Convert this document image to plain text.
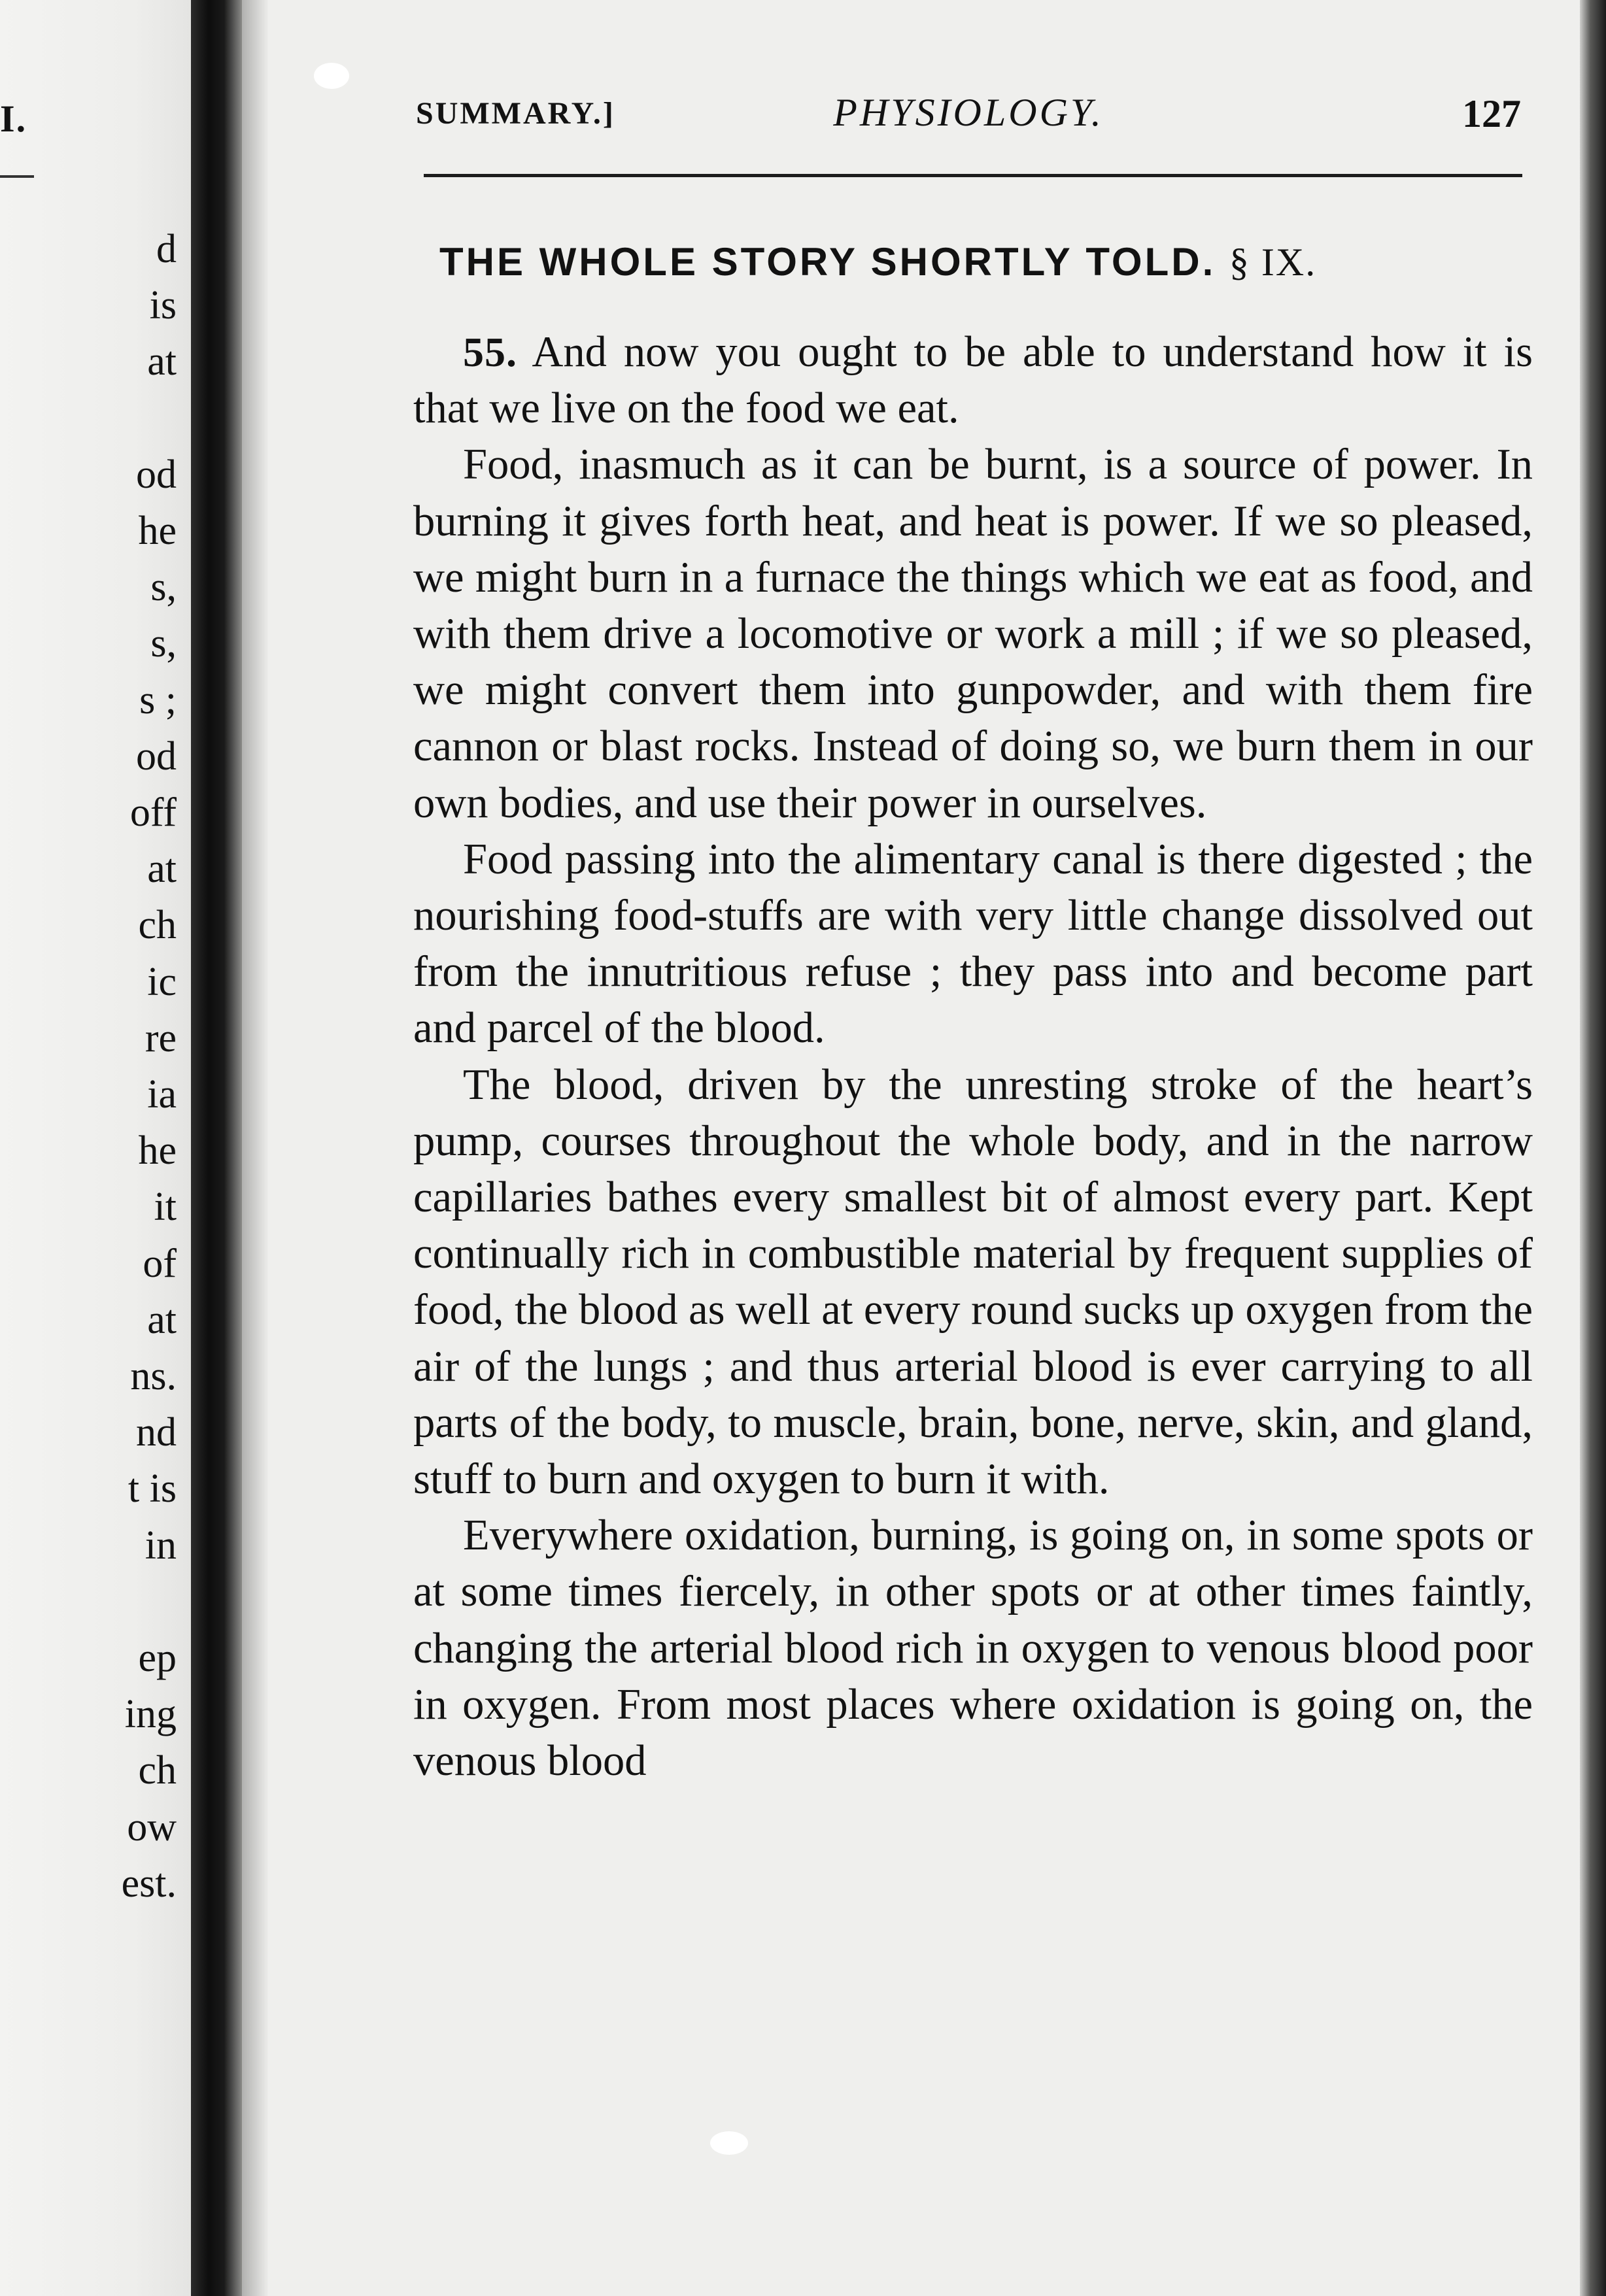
I.
d
is
at
od
he
s,
s,
s ;
od
off
at
ch
ic
re
ia
he
it
of
at
ns.
nd
t is
in
ep
ing
ch
ow
est.
SUMMARY.]	PHYSIOLOGY.	127
THE WHOLE STORY SHORTLY TOLD. § IX.

55. And now you ought to be able to understand how it is that we live on the food we eat.

Food, inasmuch as it can be burnt, is a source of power. In burning it gives forth heat, and heat is power. If we so pleased, we might burn in a furnace the things which we eat as food, and with them drive a locomotive or work a mill ; if we so pleased, we might convert them into gunpowder, and with them fire cannon or blast rocks. Instead of doing so, we burn them in our own bodies, and use their power in ourselves.

Food passing into the alimentary canal is there digested ; the nourishing food-stuffs are with very little change dissolved out from the innutritious refuse ; they pass into and become part and parcel of the blood.

The blood, driven by the unresting stroke of the heart’s pump, courses throughout the whole body, and in the narrow capillaries bathes every smallest bit of almost every part. Kept continually rich in combustible material by frequent supplies of food, the blood as well at every round sucks up oxygen from the air of the lungs ; and thus arterial blood is ever carrying to all parts of the body, to muscle, brain, bone, nerve, skin, and gland, stuff to burn and oxygen to burn it with.

Everywhere oxidation, burning, is going on, in some spots or at some times fiercely, in other spots or at other times faintly, changing the arterial blood rich in oxygen to venous blood poor in oxygen. From most places where oxidation is going on, the venous blood
